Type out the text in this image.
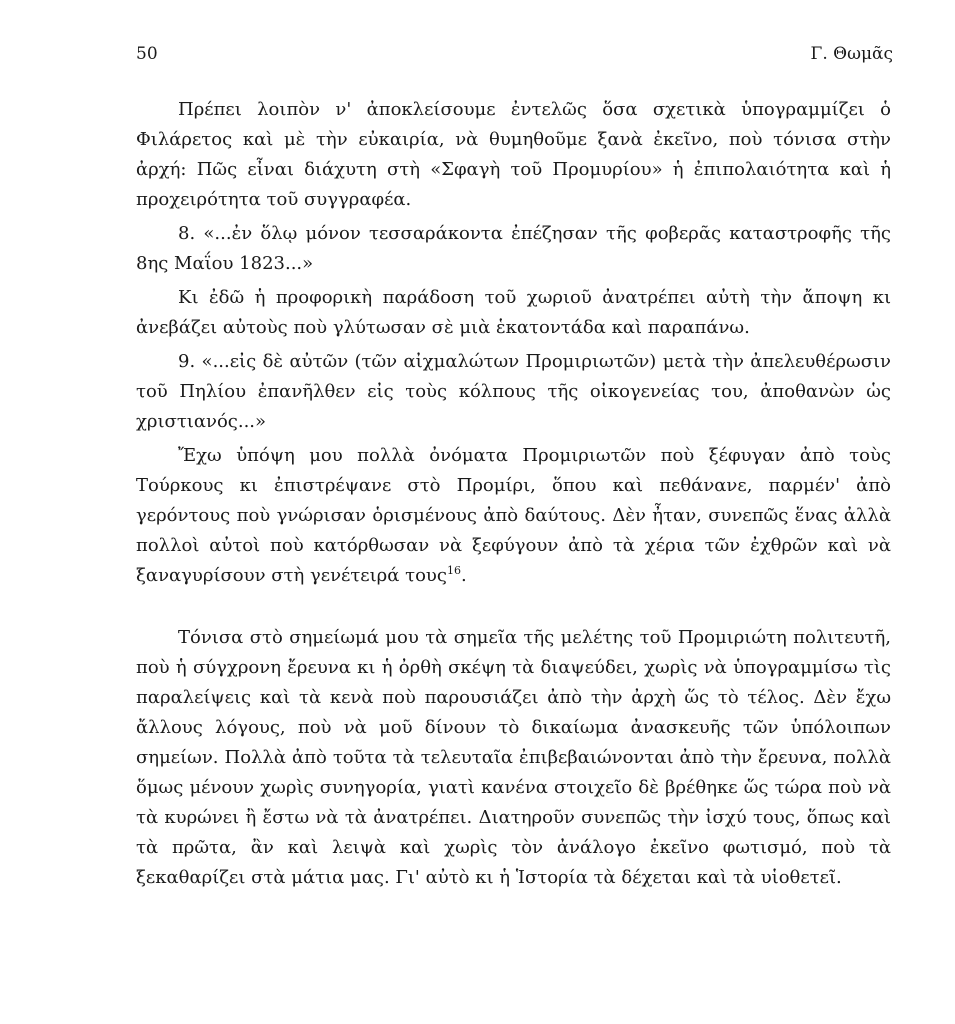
50	Γ. Θωμᾶς

Πρέπει λοιπὸν ν' ἀποκλείσουμε ἐντελῶς ὅσα σχετικὰ ὑπογραμμίζει ὁ Φιλάρετος καὶ μὲ τὴν εὐκαιρία, νὰ θυμηθοῦμε ξανὰ ἐκεῖνο, ποὺ τόνισα στὴν ἀρχή: Πῶς εἶναι διάχυτη στὴ «Σφαγὴ τοῦ Προμυρίου» ἡ ἐπιπολαιότητα καὶ ἡ προχειρότητα τοῦ συγγραφέα.

8. «...ἐν ὅλῳ μόνον τεσσαράκοντα ἐπέζησαν τῆς φοβερᾶς καταστροφῆς τῆς 8ης Μαΐου 1823...»

Κι ἐδῶ ἡ προφορικὴ παράδοση τοῦ χωριοῦ ἀνατρέπει αὐτὴ τὴν ἄποψη κι ἀνεβάζει αὐτοὺς ποὺ γλύτωσαν σὲ μιὰ ἑκατοντάδα καὶ παραπάνω.

9. «...εἰς δὲ αὐτῶν (τῶν αἰχμαλώτων Προμιριωτῶν) μετὰ τὴν ἀπελευθέρωσιν τοῦ Πηλίου ἐπανῆλθεν εἰς τοὺς κόλπους τῆς οἰκογενείας του, ἀποθανὼν ὡς χριστιανός...»

Ἔχω ὑπόψη μου πολλὰ ὀνόματα Προμιριωτῶν ποὺ ξέφυγαν ἀπὸ τοὺς Τούρκους κι ἐπιστρέψανε στὸ Προμίρι, ὅπου καὶ πεθάνανε, παρμέν' ἀπὸ γερόντους ποὺ γνώρισαν ὁρισμένους ἀπὸ δαύτους. Δὲν ἦταν, συνεπῶς ἕνας ἀλλὰ πολλοὶ αὐτοὶ ποὺ κατόρθωσαν νὰ ξεφύγουν ἀπὸ τὰ χέρια τῶν ἐχθρῶν καὶ νὰ ξαναγυρίσουν στὴ γενέτειρά τους$^{16}$.

Τόνισα στὸ σημείωμά μου τὰ σημεῖα τῆς μελέτης τοῦ Προμιριώτη πολιτευτῆ, ποὺ ἡ σύγχρονη ἔρευνα κι ἡ ὀρθὴ σκέψη τὰ διαψεύδει, χωρὶς νὰ ὑπογραμμίσω τὶς παραλείψεις καὶ τὰ κενὰ ποὺ παρουσιάζει ἀπὸ τὴν ἀρχὴ ὥς τὸ τέλος. Δὲν ἔχω ἄλλους λόγους, ποὺ νὰ μοῦ δίνουν τὸ δικαίωμα ἀνασκευῆς τῶν ὑπόλοιπων σημείων. Πολλὰ ἀπὸ τοῦτα τὰ τελευταῖα ἐπιβεβαιώνονται ἀπὸ τὴν ἔρευνα, πολλὰ ὅμως μένουν χωρὶς συνηγορία, γιατὶ κανένα στοιχεῖο δὲ βρέθηκε ὥς τώρα ποὺ νὰ τὰ κυρώνει ἢ ἔστω νὰ τὰ ἀνατρέπει. Διατηροῦν συνεπῶς τὴν ἰσχύ τους, ὅπως καὶ τὰ πρῶτα, ἂν καὶ λειψὰ καὶ χωρὶς τὸν ἀνάλογο ἐκεῖνο φωτισμό, ποὺ τὰ ξεκαθαρίζει στὰ μάτια μας. Γι' αὐτὸ κι ἡ Ἱστορία τὰ δέχεται καὶ τὰ υἱοθετεῖ.
